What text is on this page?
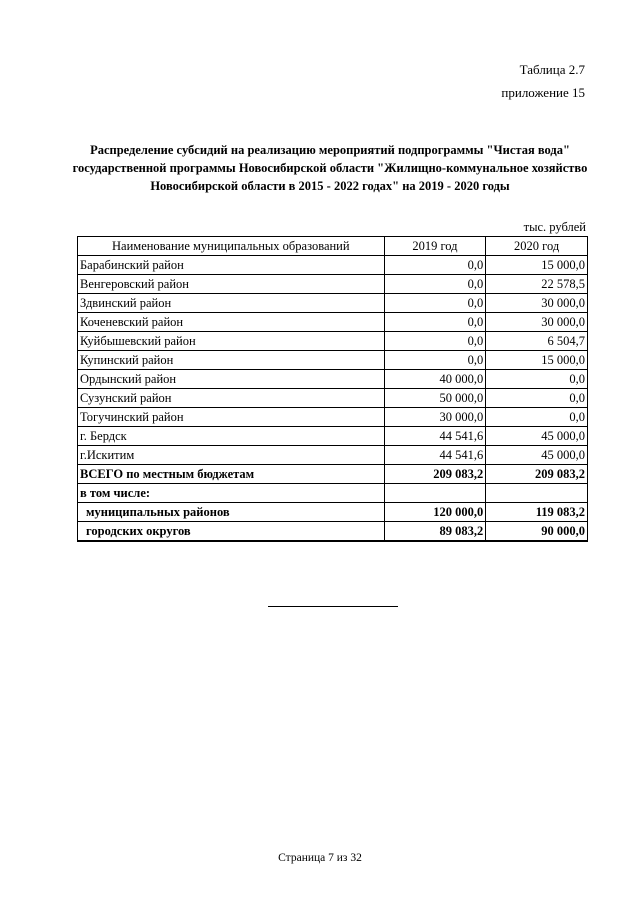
Таблица 2.7
приложение 15
Распределение субсидий на реализацию мероприятий подпрограммы "Чистая вода" государственной программы Новосибирской области "Жилищно-коммунальное хозяйство Новосибирской области в 2015 - 2022 годах" на 2019 - 2020 годы
тыс. рублей
Наименование муниципальных образований	2019 год	2020 год
Барабинский район	0,0	15 000,0
Венгеровский район	0,0	22 578,5
Здвинский район	0,0	30 000,0
Коченевский район	0,0	30 000,0
Куйбышевский район	0,0	6 504,7
Купинский район	0,0	15 000,0
Ордынский район	40 000,0	0,0
Сузунский район	50 000,0	0,0
Тогучинский район	30 000,0	0,0
г. Бердск	44 541,6	45 000,0
г.Искитим	44 541,6	45 000,0
ВСЕГО по местным бюджетам	209 083,2	209 083,2
в том числе:		
муниципальных районов	120 000,0	119 083,2
городских округов	89 083,2	90 000,0
Страница 7 из 32
